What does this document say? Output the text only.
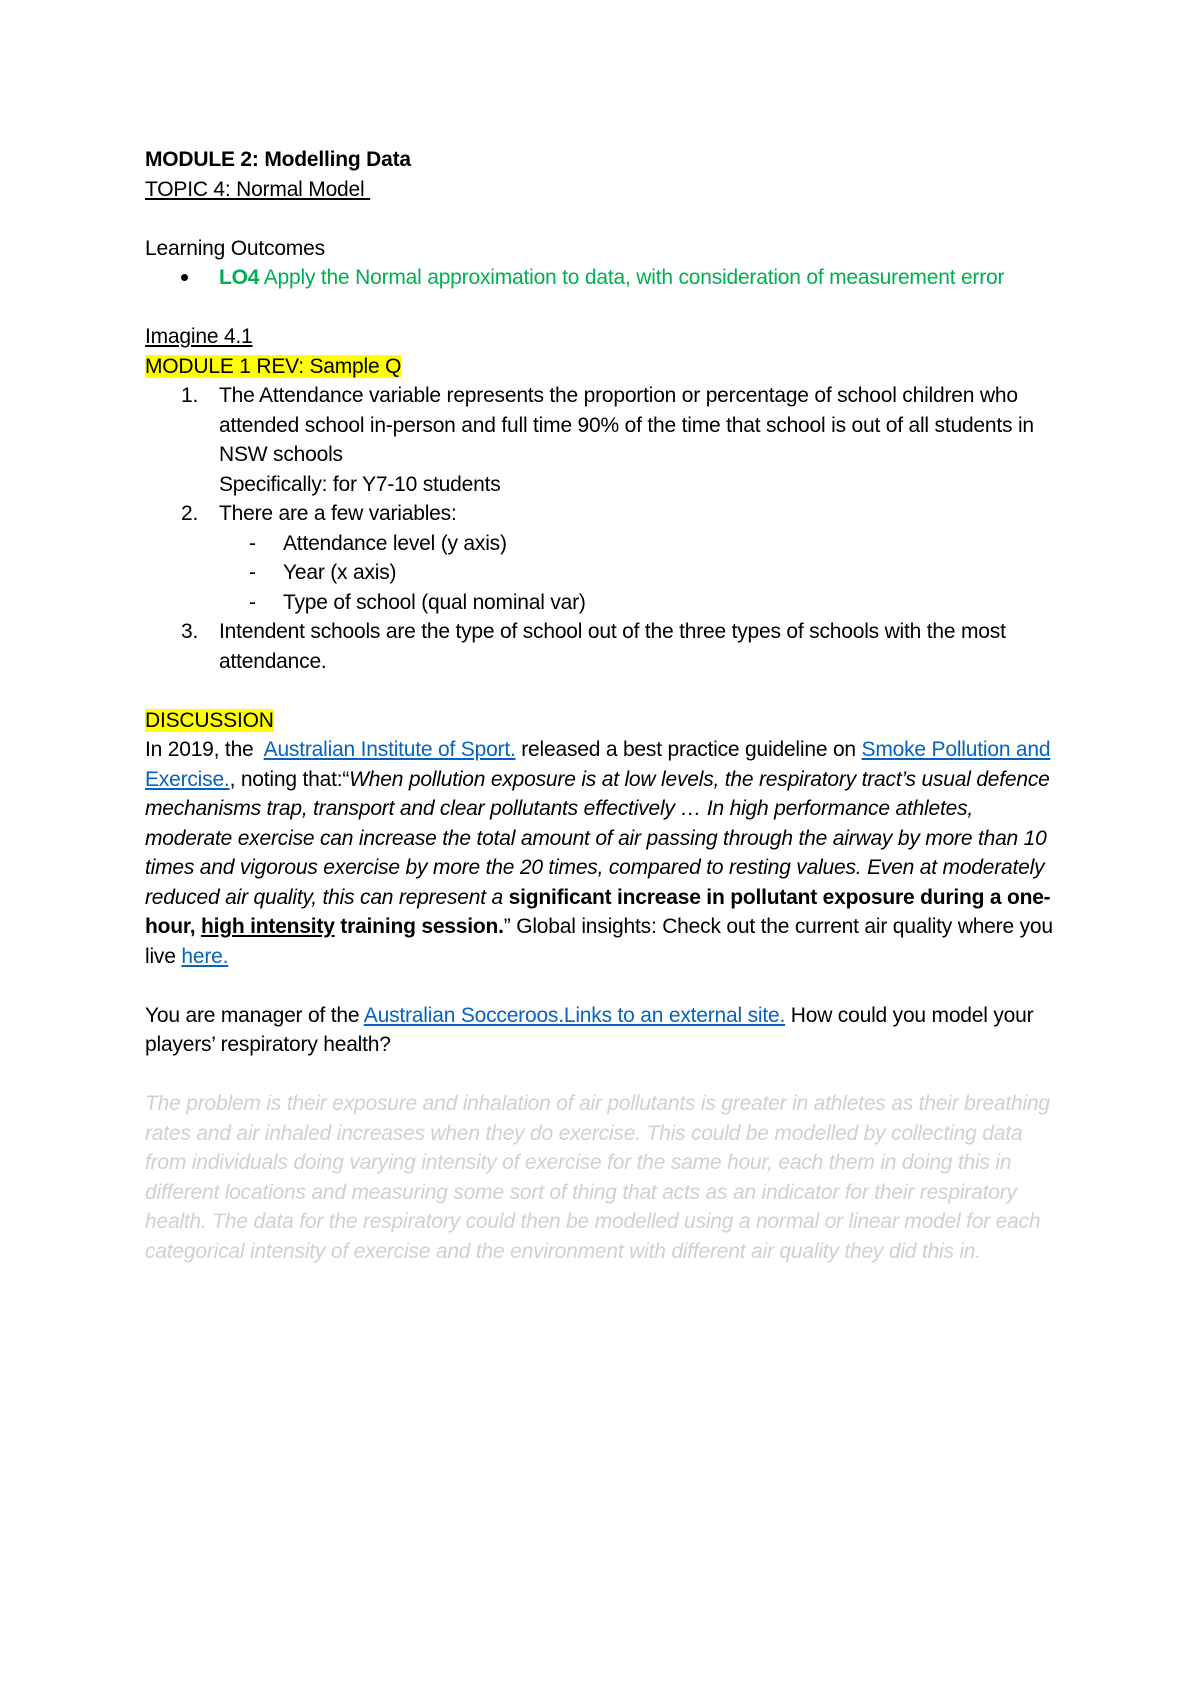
MODULE 2: Modelling Data
TOPIC 4: Normal Model
Learning Outcomes
LO4 Apply the Normal approximation to data, with consideration of measurement error
Imagine 4.1
MODULE 1 REV: Sample Q
1. The Attendance variable represents the proportion or percentage of school children who attended school in-person and full time 90% of the time that school is out of all students in NSW schools
Specifically: for Y7-10 students
2. There are a few variables:
- Attendance level (y axis)
- Year (x axis)
- Type of school (qual nominal var)
3. Intendent schools are the type of school out of the three types of schools with the most attendance.
DISCUSSION
In 2019, the  Australian Institute of Sport. released a best practice guideline on Smoke Pollution and Exercise., noting that:“When pollution exposure is at low levels, the respiratory tract’s usual defence mechanisms trap, transport and clear pollutants effectively … In high performance athletes, moderate exercise can increase the total amount of air passing through the airway by more than 10 times and vigorous exercise by more the 20 times, compared to resting values. Even at moderately reduced air quality, this can represent a significant increase in pollutant exposure during a one-hour, high intensity training session.” Global insights: Check out the current air quality where you live here.
You are manager of the Australian Socceroos.Links to an external site. How could you model your players’ respiratory health?
The problem is their exposure and inhalation of air pollutants is greater in athletes as their breathing rates and air inhaled increases when they do exercise. This could be modelled by collecting data from individuals doing varying intensity of exercise for the same hour, each them in doing this in different locations and measuring some sort of thing that acts as an indicator for their respiratory health. The data for the respiratory could then be modelled using a normal or linear model for each categorical intensity of exercise and the environment with different air quality they did this in.
